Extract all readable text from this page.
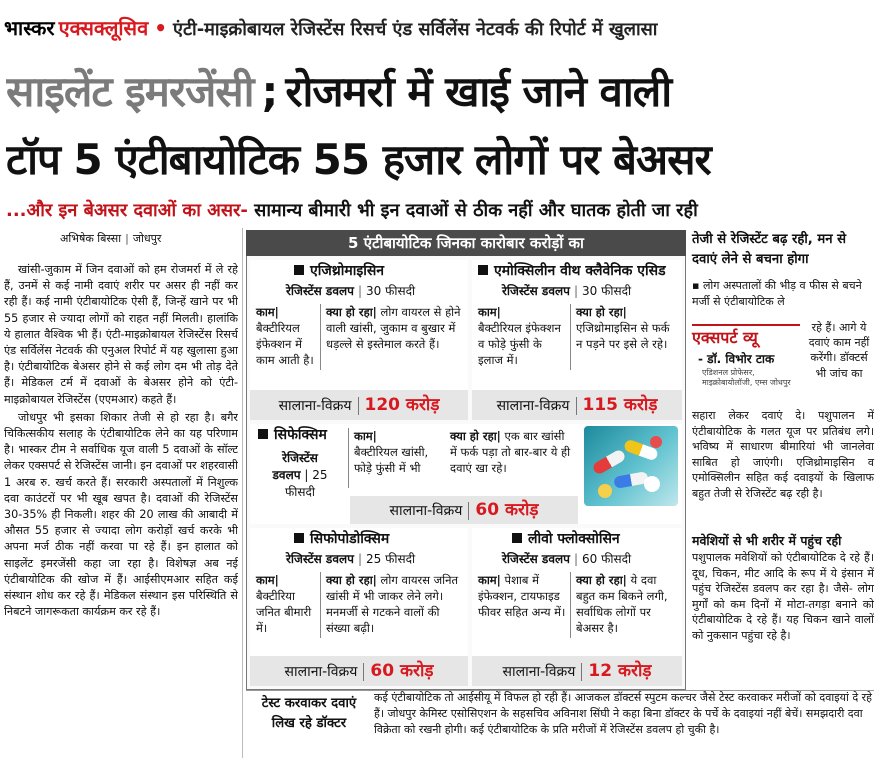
भास्कर एक्सक्लूसिव • एंटी-माइक्रोबायल रेजिस्टेंस रिसर्च एंड सर्विलेंस नेटवर्क की रिपोर्ट में खुलासा
साइलेंट इमरजेंसी ; रोजमर्रा में खाई जाने वाली
टॉप 5 एंटीबायोटिक 55 हजार लोगों पर बेअसर
...और इन बेअसर दवाओं का असर- सामान्य बीमारी भी इन दवाओं से ठीक नहीं और घातक होती जा रही
अभिषेक बिस्सा | जोधपुर

खांसी-जुकाम में जिन दवाओं को हम रोजमर्रा में ले रहे हैं, उनमें से कई नामी दवाएं शरीर पर असर ही नहीं कर रही हैं। कई नामी एंटीबायोटिक ऐसी हैं, जिन्हें खाने पर भी 55 हजार से ज्यादा लोगों को राहत नहीं मिलती। हालांकि ये हालात वैश्विक भी हैं। एंटी-माइक्रोबायल रेजिस्टेंस रिसर्च एंड सर्विलेंस नेटवर्क की एनुअल रिपोर्ट में यह खुलासा हुआ है। एंटीबायोटिक बेअसर होने से कई लोग दम भी तोड़ देते हैं। मेडिकल टर्म में दवाओं के बेअसर होने को एंटी-माइक्रोबायल रेजिस्टेंस (एएमआर) कहते हैं।

जोधपुर भी इसका शिकार तेजी से हो रहा है। बगैर चिकित्सकीय सलाह के एंटीबायोटिक लेने का यह परिणाम है। भास्कर टीम ने सर्वाधिक यूज वाली 5 दवाओं के सॉल्ट लेकर एक्सपर्ट से रेजिस्टेंस जानी। इन दवाओं पर शहरवासी 1 अरब रु. खर्च करते हैं। सरकारी अस्पतालों में निशुल्क दवा काउंटरों पर भी खूब खपत है। दवाओं की रेजिस्टेंस 30-35% ही निकली। शहर की 20 लाख की आबादी में औसत 55 हजार से ज्यादा लोग करोड़ों खर्च करके भी अपना मर्ज ठीक नहीं करवा पा रहे हैं। इन हालात को साइलेंट इमरजेंसी कहा जा रहा है। विशेषज्ञ अब नई एंटीबायोटिक की खोज में हैं। आईसीएमआर सहित कई संस्थान शोध कर रहे हैं। मेडिकल संस्थान इस परिस्थिति से निबटने जागरूकता कार्यक्रम कर रहे हैं।

5 एंटीबायोटिक जिनका कारोबार करोड़ों का
एजिथ्रोमाइसिन
रेजिस्टेंस डवलप | 30 फीसदी
काम|
बैक्टीरियल इंफेक्शन में काम आती है।
क्या हो रहा| लोग वायरल से होने वाली खांसी, जुकाम व बुखार में धड़ल्ले से इस्तेमाल करते हैं।
सालाना-विक्रय 120 करोड़
एमोक्सिलीन वीथ क्लैवेनिक एसिड
रेजिस्टेंस डवलप | 30 फीसदी
काम|
बैक्टीरियल इंफेक्शन व फोड़े फुंसी के इलाज में।
क्या हो रहा| एजिथ्रोमाइसिन से फर्क न पड़ने पर इसे ले रहे।
सालाना-विक्रय 115 करोड़
सिफेक्सिम
रेजिस्टेंस
डवलप | 25
फीसदी
काम|
बैक्टीरियल खांसी, फोड़े फुंसी में भी
क्या हो रहा| एक बार खांसी में फर्क पड़ा तो बार-बार ये ही दवाएं खा रहे।
सालाना-विक्रय 60 करोड़
सिफोपोडोक्सिम
रेजिस्टेंस डवलप | 25 फीसदी
काम|
बैक्टीरिया जनित बीमारी में।
क्या हो रहा| लोग वायरस जनित खांसी में भी जाकर लेने लगे। मनमर्जी से गटकने वालों की संख्या बढ़ी।
सालाना-विक्रय 60 करोड़
लीवो फ्लोक्सोसिन
रेजिस्टेंस डवलप | 60 फीसदी
काम| पेशाब में इंफेक्शन, टायफाइड फीवर सहित अन्य में।
क्या हो रहा| ये दवा बहुत कम बिकने लगी, सर्वाधिक लोगों पर बेअसर है।
सालाना-विक्रय 12 करोड़
तेजी से रेजिस्टेंट बढ़ रही, मन से दवाएं लेने से बचना होगा
▪ लोग अस्पतालों की भीड़ व फीस से बचने मर्जी से एंटीबायोटिक ले
एक्सपर्ट व्यू
- डॉ. विभोर टाक
एडिशनल प्रोफेसर, माइक्रोबायोलॉजी, एम्स जोधपुर
रहे हैं। आगे ये दवाएं काम नहीं करेंगी। डॉक्टर्स भी जांच का
सहारा लेकर दवाएं दे। पशुपालन में एंटीबायोटिक के गलत यूज पर प्रतिबंध लगे। भविष्य में साधारण बीमारियां भी जानलेवा साबित हो जाएंगी। एजिथ्रोमाइसिन व एमोक्सिलीन सहित कई दवाइयों के खिलाफ बहुत तेजी से रेजिस्टेंट बढ़ रही है।
मवेशियों से भी शरीर में पहुंच रही
पशुपालक मवेशियों को एंटीबायोटिक दे रहे हैं। दूध, चिकन, मीट आदि के रूप में ये इंसान में पहुंच रेजिस्टेंस डवलप कर रहा है। जैसे- लोग मुर्गों को कम दिनों में मोटा-तगड़ा बनाने को एंटीबायोटिक दे रहे हैं। यह चिकन खाने वालों को नुकसान पहुंचा रहे है।
टेस्ट करवाकर दवाएं लिख रहे डॉक्टर
कई एंटीबायोटिक तो आईसीयू में विफल हो रही हैं। आजकल डॉक्टर्स स्पुटम कल्चर जैसे टेस्ट करवाकर मरीजों को दवाइयां दे रहे हैं। जोधपुर केमिस्ट एसोसिएशन के सहसचिव अविनाश सिंघी ने कहा बिना डॉक्टर के पर्चे के दवाइयां नहीं बेचें। समझदारी दवा विक्रेता को रखनी होगी। कई एंटीबायोटिक के प्रति मरीजों में रेजिस्टेंस डवलप हो चुकी है।
